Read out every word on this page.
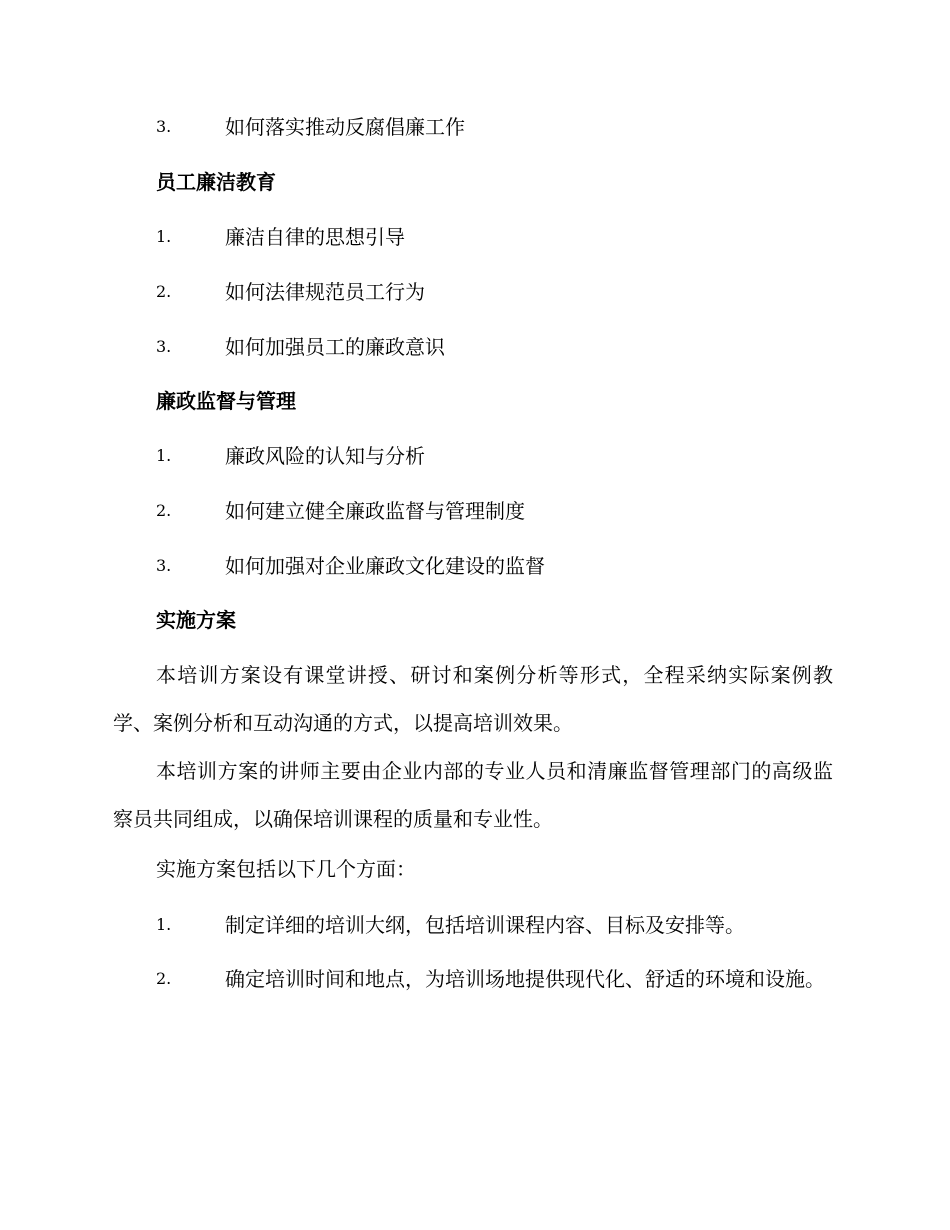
3.	如何落实推动反腐倡廉工作
员工廉洁教育
1.	廉洁自律的思想引导
2.	如何法律规范员工行为
3.	如何加强员工的廉政意识
廉政监督与管理
1.	廉政风险的认知与分析
2.	如何建立健全廉政监督与管理制度
3.	如何加强对企业廉政文化建设的监督
实施方案

本培训方案设有课堂讲授、研讨和案例分析等形式，全程采纳实际案例教学、案例分析和互动沟通的方式，以提高培训效果。

本培训方案的讲师主要由企业内部的专业人员和清廉监督管理部门的高级监察员共同组成，以确保培训课程的质量和专业性。

实施方案包括以下几个方面：

1.	制定详细的培训大纲，包括培训课程内容、目标及安排等。
2.	确定培训时间和地点，为培训场地提供现代化、舒适的环境和设施。
